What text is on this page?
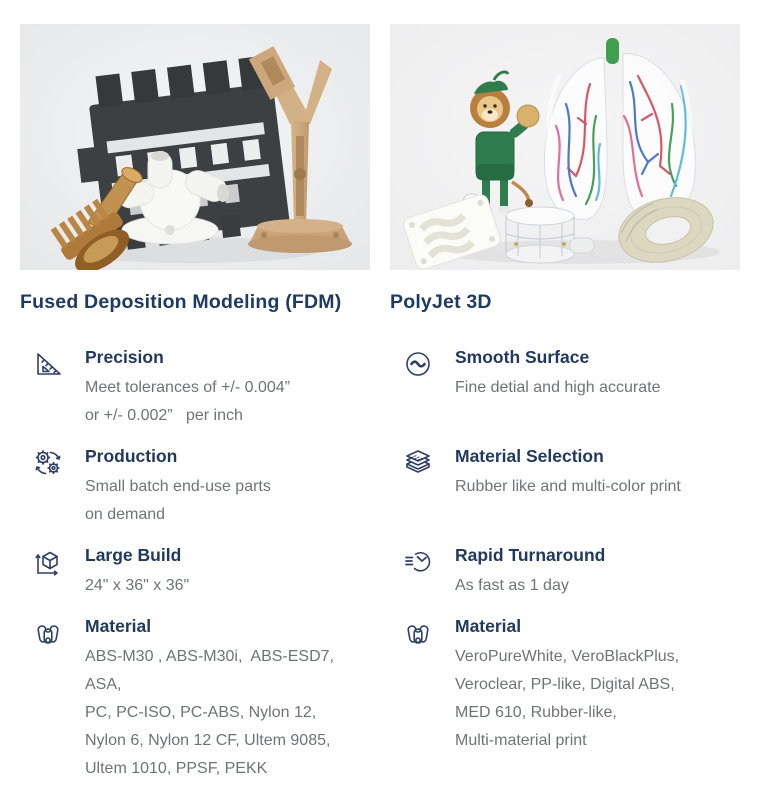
Fused Deposition Modeling (FDM)	PolyJet 3D
Precision
Meet tolerances of +/- 0.004”
or +/- 0.002”   per inch
Smooth Surface
Fine detial and high accurate
Production
Small batch end-use parts
on demand
Material Selection
Rubber like and multi-color print
Large Build
24" x 36" x 36"
Rapid Turnaround
As fast as 1 day
Material
ABS-M30 , ABS-M30i,  ABS-ESD7, ASA,
PC, PC-ISO, PC-ABS, Nylon 12,
Nylon 6, Nylon 12 CF, Ultem 9085,
Ultem 1010, PPSF, PEKK
Material
VeroPureWhite, VeroBlackPlus,
Veroclear, PP-like, Digital ABS,
MED 610, Rubber-like,
Multi-material print
